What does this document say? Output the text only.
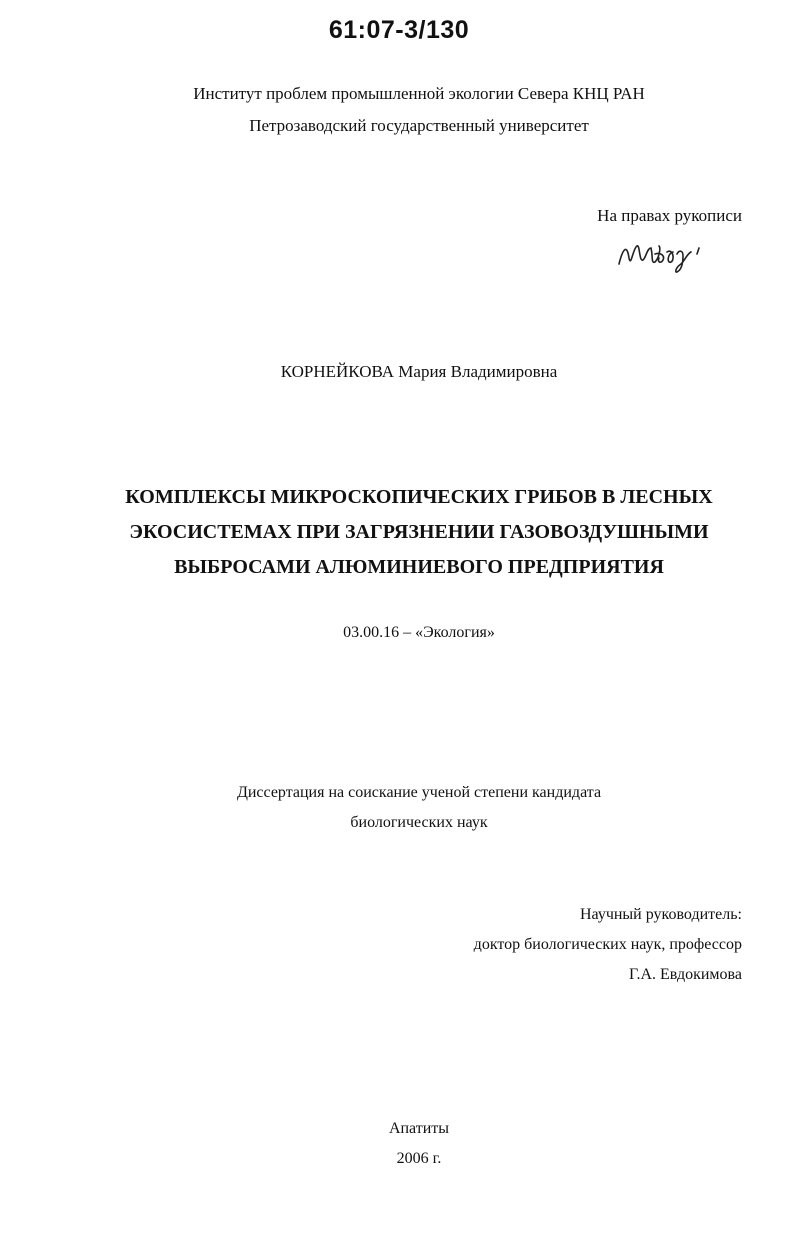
61:07-3/130
Институт проблем промышленной экологии Севера КНЦ РАН
Петрозаводский государственный университет
На правах рукописи
КОРНЕЙКОВА Мария Владимировна
КОМПЛЕКСЫ МИКРОСКОПИЧЕСКИХ ГРИБОВ В ЛЕСНЫХ
ЭКОСИСТЕМАХ ПРИ ЗАГРЯЗНЕНИИ ГАЗОВОЗДУШНЫМИ
ВЫБРОСАМИ АЛЮМИНИЕВОГО ПРЕДПРИЯТИЯ
03.00.16 – «Экология»
Диссертация на соискание ученой степени кандидата
биологических наук
Научный руководитель:
доктор биологических наук, профессор
Г.А. Евдокимова
Апатиты
2006 г.
